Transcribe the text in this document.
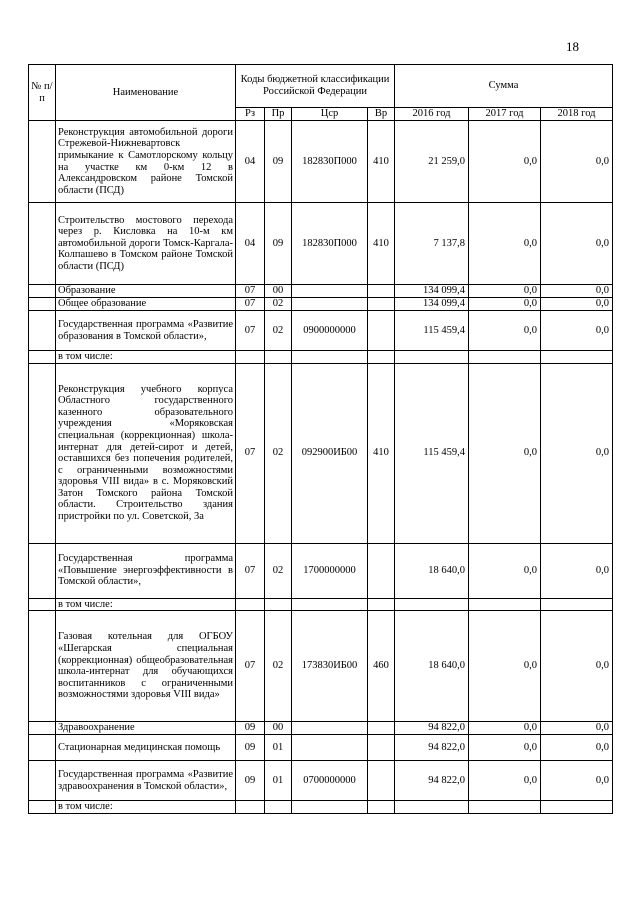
18
№ п/п	Наименование	Коды бюджетной классификации Российской Федерации				Сумма		
		Рз	Пр	Цср	Вр	2016 год	2017 год	2018 год
	Реконструкция автомобильной дороги Стрежевой-Нижневартовск примыкание к Самотлорскому кольцу на участке км 0-км 12 в Александровском районе Томской области (ПСД)	04	09	182830П000	410	21 259,0	0,0	0,0
	Строительство мостового перехода через р. Кисловка на 10-м км автомобильной дороги Томск-Каргала-Колпашево в Томском районе Томской области (ПСД)	04	09	182830П000	410	7 137,8	0,0	0,0
	Образование	07	00			134 099,4	0,0	0,0
	Общее образование	07	02			134 099,4	0,0	0,0
	Государственная программа «Развитие образования в Томской области»,	07	02	0900000000		115 459,4	0,0	0,0
	в том числе:							
	Реконструкция учебного корпуса Областного государственного казенного образовательного учреждения «Моряковская специальная (коррекционная) школа-интернат для детей-сирот и детей, оставшихся без попечения родителей, с ограниченными возможностями здоровья VIII вида» в с. Моряковский Затон Томского района Томской области. Строительство здания пристройки по ул. Советской, 3а	07	02	092900ИБ00	410	115 459,4	0,0	0,0
	Государственная программа «Повышение энергоэффективности в Томской области»,	07	02	1700000000		18 640,0	0,0	0,0
	в том числе:							
	Газовая котельная для ОГБОУ «Шегарская специальная (коррекционная) общеобразовательная школа-интернат для обучающихся воспитанников с ограниченными возможностями здоровья VIII вида»	07	02	173830ИБ00	460	18 640,0	0,0	0,0
	Здравоохранение	09	00			94 822,0	0,0	0,0
	Стационарная медицинская помощь	09	01			94 822,0	0,0	0,0
	Государственная программа «Развитие здравоохранения в Томской области»,	09	01	0700000000		94 822,0	0,0	0,0
	в том числе:							
